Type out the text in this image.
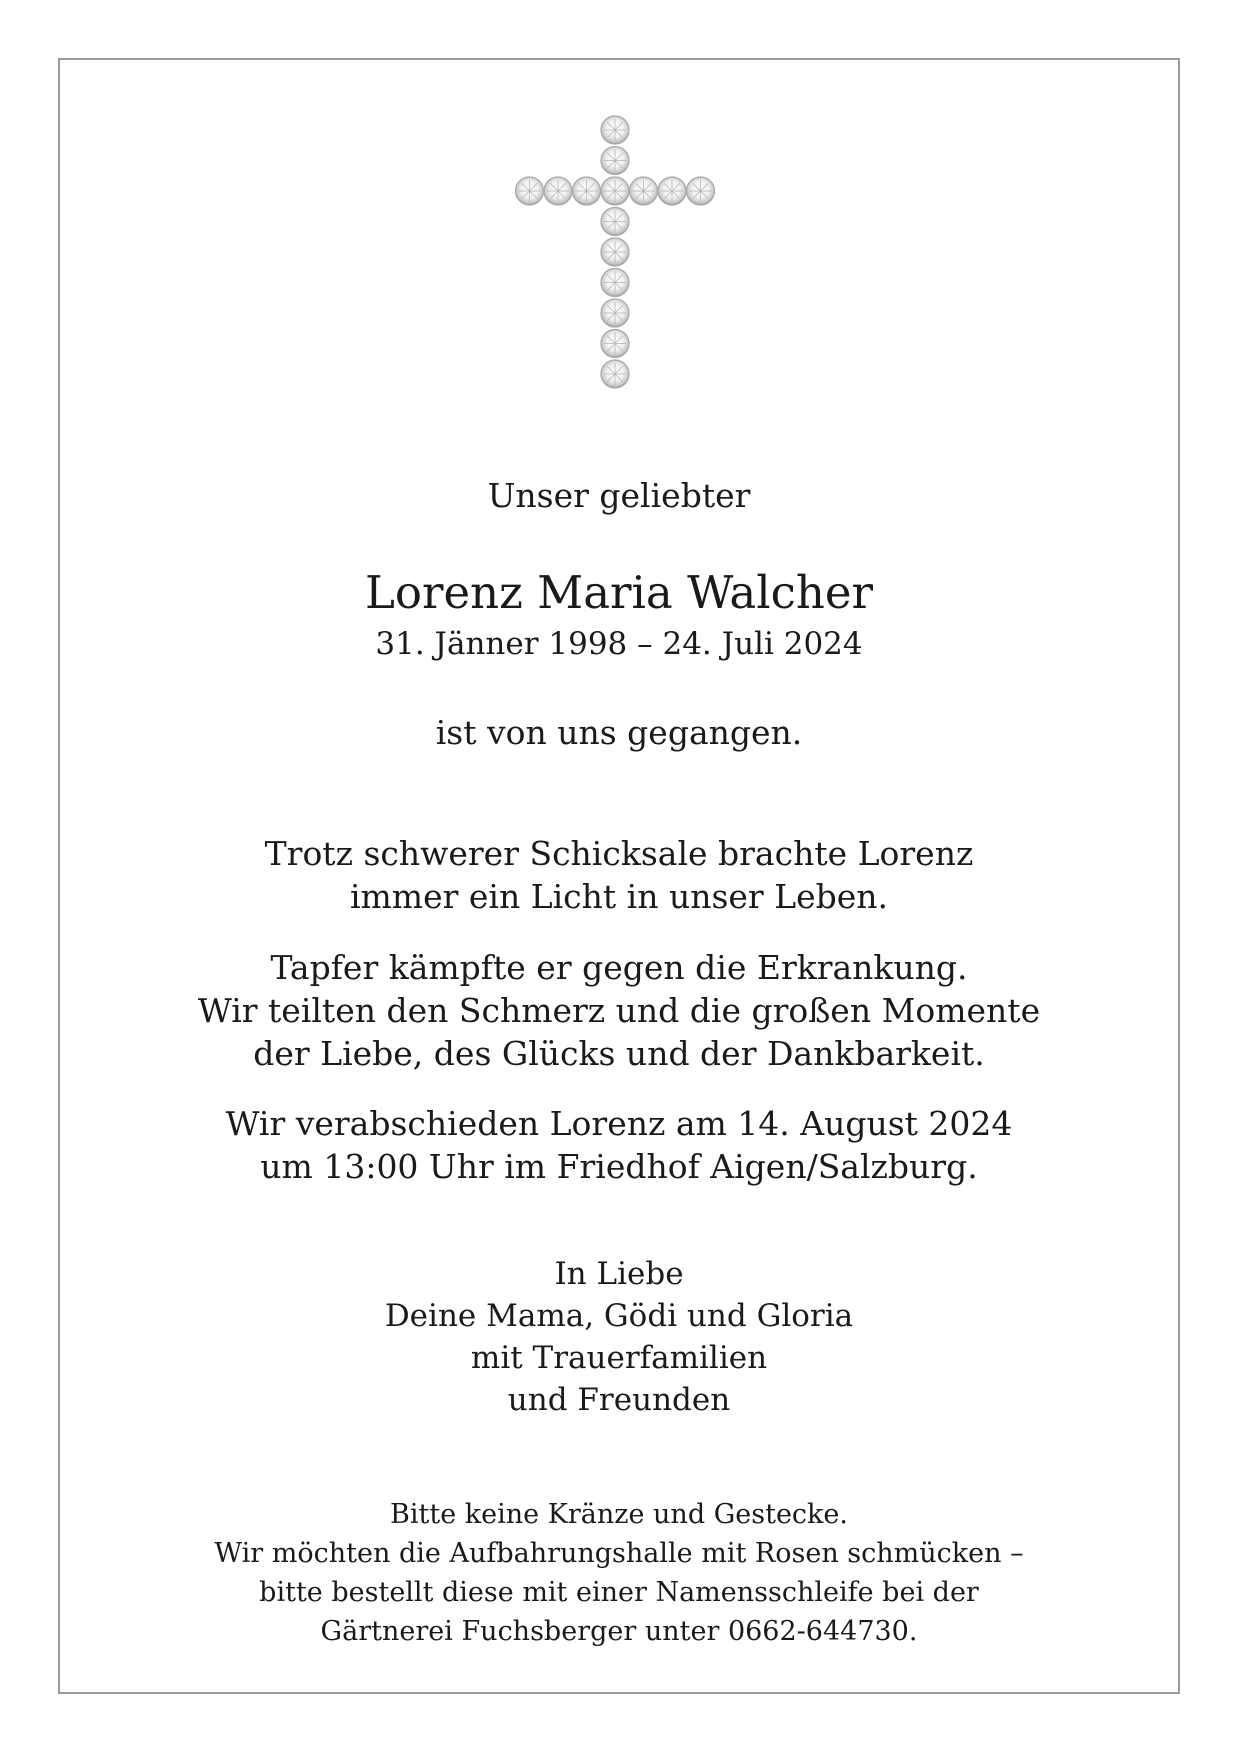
Unser geliebter
Lorenz Maria Walcher
31. Jänner 1998 – 24. Juli 2024
ist von uns gegangen.
Trotz schwerer Schicksale brachte Lorenz
immer ein Licht in unser Leben.
Tapfer kämpfte er gegen die Erkrankung.
Wir teilten den Schmerz und die großen Momente
der Liebe, des Glücks und der Dankbarkeit.
Wir verabschieden Lorenz am 14. August 2024
um 13:00 Uhr im Friedhof Aigen/Salzburg.
In Liebe
Deine Mama, Gödi und Gloria
mit Trauerfamilien
und Freunden
Bitte keine Kränze und Gestecke.
Wir möchten die Aufbahrungshalle mit Rosen schmücken –
bitte bestellt diese mit einer Namensschleife bei der
Gärtnerei Fuchsberger unter 0662-644730.
